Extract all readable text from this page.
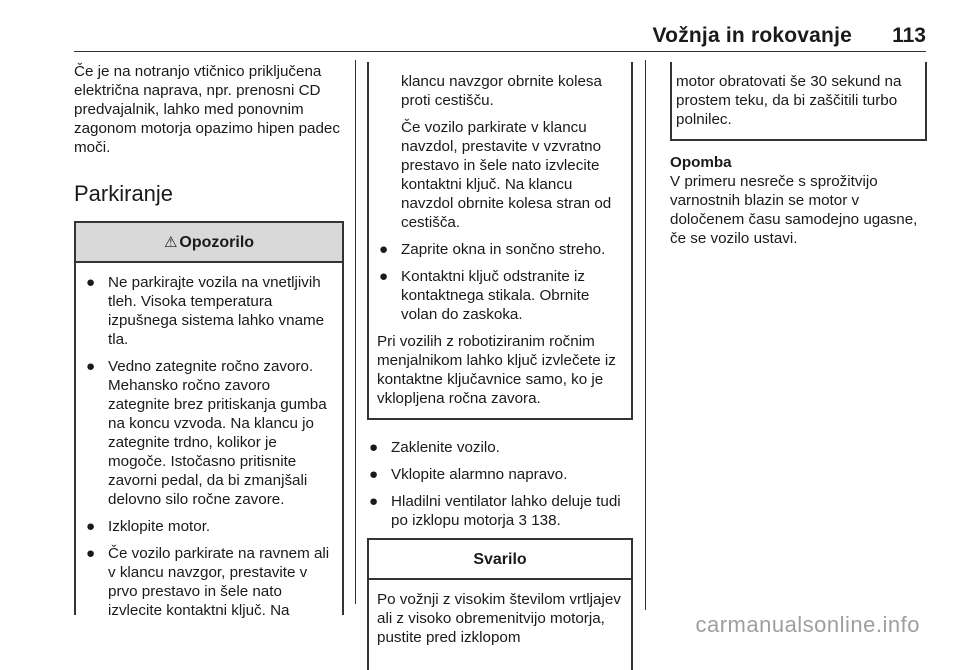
Vožnja in rokovanje 113

Če je na notranjo vtičnico priključena električna naprava, npr. prenosni CD predvajalnik, lahko med ponovnim zagonom motorja opazimo hipen padec moči.

Parkiranje
⚠ Opozorilo
● Ne parkirajte vozila na vnetljivih tleh. Visoka temperatura izpušnega sistema lahko vname tla.
● Vedno zategnite ročno zavoro. Mehansko ročno zavoro zategnite brez pritiskanja gumba na koncu vzvoda. Na klancu jo zategnite trdno, kolikor je mogoče. Istočasno pritisnite zavorni pedal, da bi zmanjšali delovno silo ročne zavore.
● Izklopite motor.
● Če vozilo parkirate na ravnem ali v klancu navzgor, prestavite v prvo prestavo in šele nato izvlecite kontaktni ključ. Na

klancu navzgor obrnite kolesa proti cestišču.

Če vozilo parkirate v klancu navzdol, prestavite v vzvratno prestavo in šele nato izvlecite kontaktni ključ. Na klancu navzdol obrnite kolesa stran od cestišča.

● Zaprite okna in sončno streho.
● Kontaktni ključ odstranite iz kontaktnega stikala. Obrnite volan do zaskoka.

Pri vozilih z robotiziranim ročnim menjalnikom lahko ključ izvlečete iz kontaktne ključavnice samo, ko je vklopljena ročna zavora.

● Zaklenite vozilo.
● Vklopite alarmno napravo.
● Hladilni ventilator lahko deluje tudi po izklopu motorja 3 138.
Svarilo

Po vožnji z visokim številom vrtljajev ali z visoko obremenitvijo motorja, pustite pred izklopom

motor obratovati še 30 sekund na prostem teku, da bi zaščitili turbo polnilec.

Opomba

V primeru nesreče s sprožitvijo varnostnih blazin se motor v določenem času samodejno ugasne, če se vozilo ustavi.

carmanualsonline.info
